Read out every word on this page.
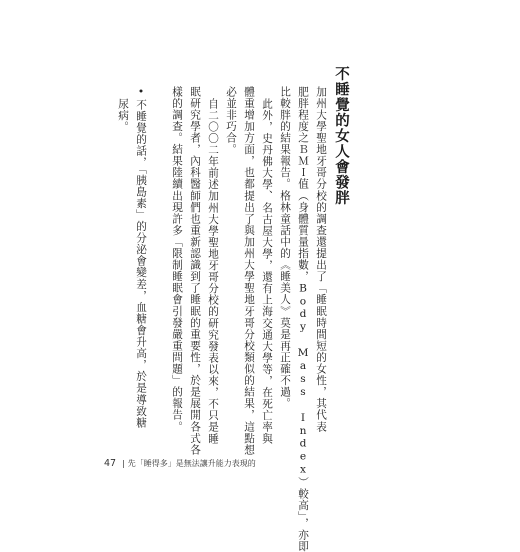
不睡覺的女人會發胖

加州大學聖地牙哥分校的調查還提出了「睡眠時間短的女性，其代表

肥胖程度之ＢＭＩ值（身體質量指數，Body Mass Index）較高」，亦即

比較胖的結果報告。格林童話中的《睡美人》莫是再正確不過。

此外，史丹佛大學、名古屋大學，還有上海交通大學等，在死亡率與

體重增加方面，也都提出了與加州大學聖地牙哥分校類似的結果，這點想

必並非巧合。

自二〇〇二年前述加州大學聖地牙哥分校的研究發表以來，不只是睡

眠研究學者，內科醫師們也重新認識到了睡眠的重要性，於是展開各式各

樣的調查。結果陸續出現許多「限制睡眠會引發嚴重問題」的報告。

•不睡覺的話，「胰島素」的分泌會變差，血糖會升高，於是導致糖

尿病。

47 | 先「睡得多」是無法讓升能力表現的
